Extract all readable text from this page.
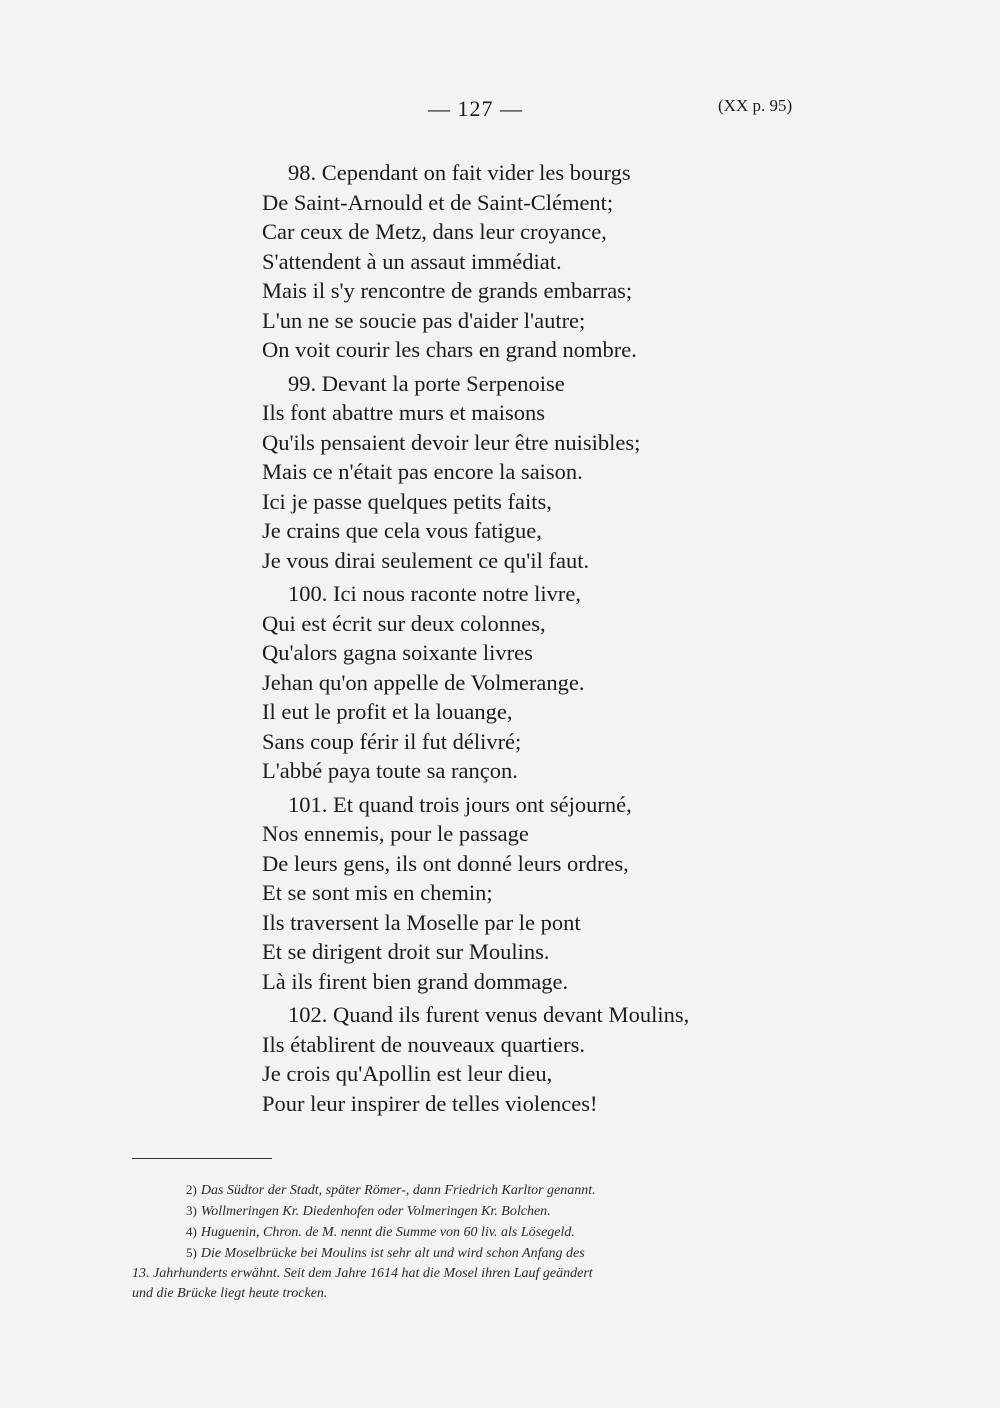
— 127 —	(XX p. 95)
98. Cependant on fait vider les bourgs
De Saint-Arnould et de Saint-Clément;
Car ceux de Metz, dans leur croyance,
S'attendent à un assaut immédiat.
Mais il s'y rencontre de grands embarras;
L'un ne se soucie pas d'aider l'autre;
On voit courir les chars en grand nombre.
99. Devant la porte Serpenoise
Ils font abattre murs et maisons
Qu'ils pensaient devoir leur être nuisibles;
Mais ce n'était pas encore la saison.
Ici je passe quelques petits faits,
Je crains que cela vous fatigue,
Je vous dirai seulement ce qu'il faut.
100. Ici nous raconte notre livre,
Qui est écrit sur deux colonnes,
Qu'alors gagna soixante livres
Jehan qu'on appelle de Volmerange.
Il eut le profit et la louange,
Sans coup férir il fut délivré;
L'abbé paya toute sa rançon.
101. Et quand trois jours ont séjourné,
Nos ennemis, pour le passage
De leurs gens, ils ont donné leurs ordres,
Et se sont mis en chemin;
Ils traversent la Moselle par le pont
Et se dirigent droit sur Moulins.
Là ils firent bien grand dommage.
102. Quand ils furent venus devant Moulins,
Ils établirent de nouveaux quartiers.
Je crois qu'Apollin est leur dieu,
Pour leur inspirer de telles violences!
2) Das Südtor der Stadt, später Römer-, dann Friedrich Karltor genannt.
3) Wollmeringen Kr. Diedenhofen oder Volmeringen Kr. Bolchen.
4) Huguenin, Chron. de M. nennt die Summe von 60 liv. als Lösegeld.
5) Die Moselbrücke bei Moulins ist sehr alt und wird schon Anfang des
13. Jahrhunderts erwähnt. Seit dem Jahre 1614 hat die Mosel ihren Lauf geändert
und die Brücke liegt heute trocken.
